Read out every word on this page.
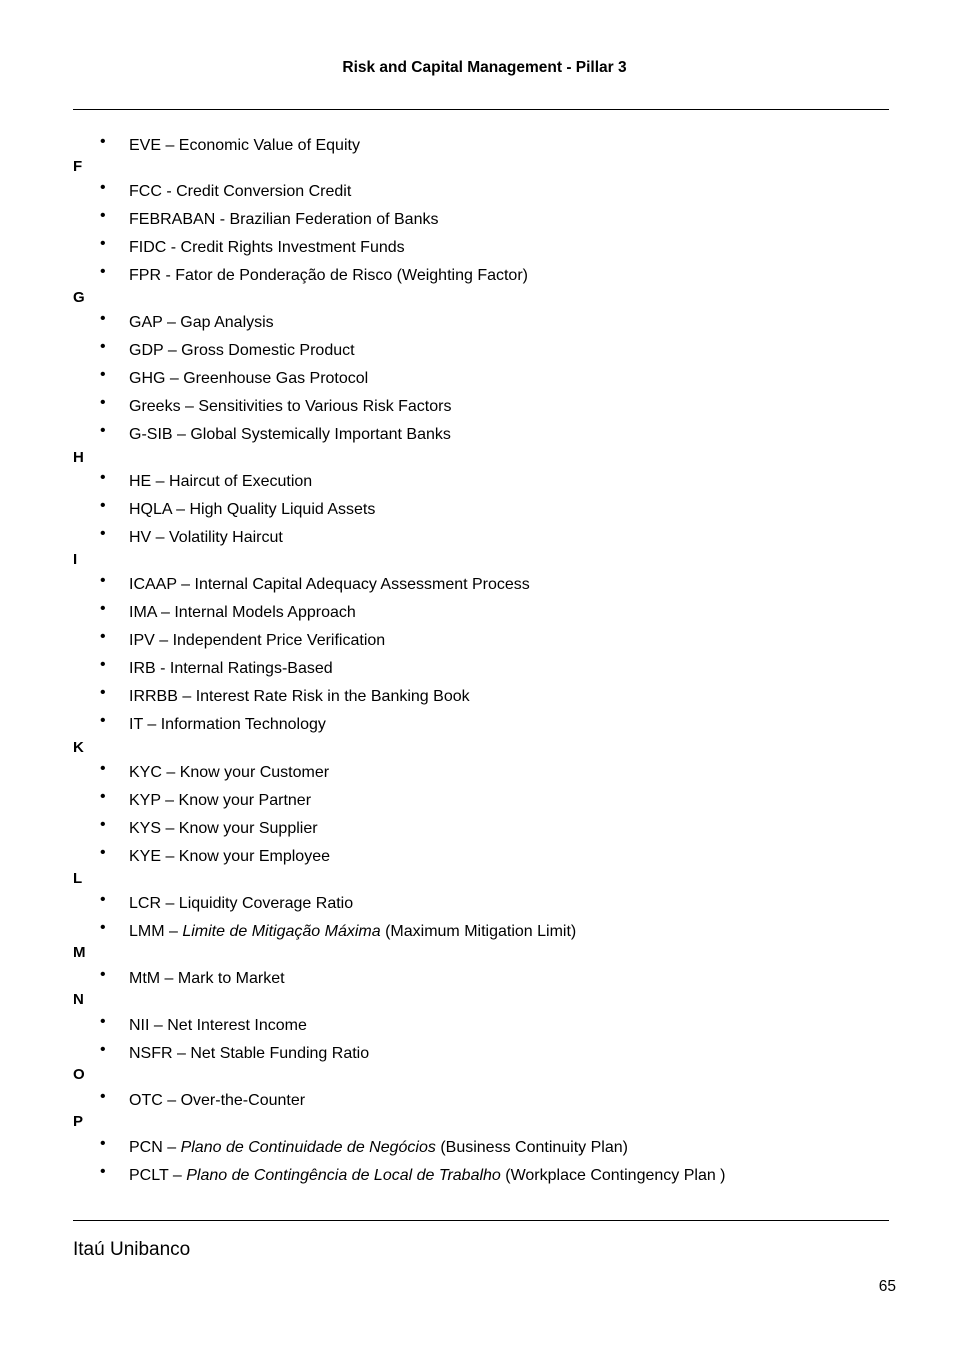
Risk and Capital Management - Pillar 3
• EVE – Economic Value of Equity
F
• FCC - Credit Conversion Credit
• FEBRABAN - Brazilian Federation of Banks
• FIDC - Credit Rights Investment Funds
• FPR - Fator de Ponderação de Risco (Weighting Factor)
G
• GAP – Gap Analysis
• GDP – Gross Domestic Product
• GHG – Greenhouse Gas Protocol
• Greeks – Sensitivities to Various Risk Factors
• G-SIB – Global Systemically Important Banks
H
• HE – Haircut of Execution
• HQLA – High Quality Liquid Assets
• HV – Volatility Haircut
I
• ICAAP – Internal Capital Adequacy Assessment Process
• IMA – Internal Models Approach
• IPV – Independent Price Verification
• IRB - Internal Ratings-Based
• IRRBB – Interest Rate Risk in the Banking Book
• IT – Information Technology
K
• KYC – Know your Customer
• KYP – Know your Partner
• KYS – Know your Supplier
• KYE – Know your Employee
L
• LCR – Liquidity Coverage Ratio
• LMM – Limite de Mitigação Máxima (Maximum Mitigation Limit)
M
• MtM – Mark to Market
N
• NII – Net Interest Income
• NSFR – Net Stable Funding Ratio
O
• OTC – Over-the-Counter
P
• PCN – Plano de Continuidade de Negócios (Business Continuity Plan)
• PCLT – Plano de Contingência de Local de Trabalho (Workplace Contingency Plan )
Itaú Unibanco
65
